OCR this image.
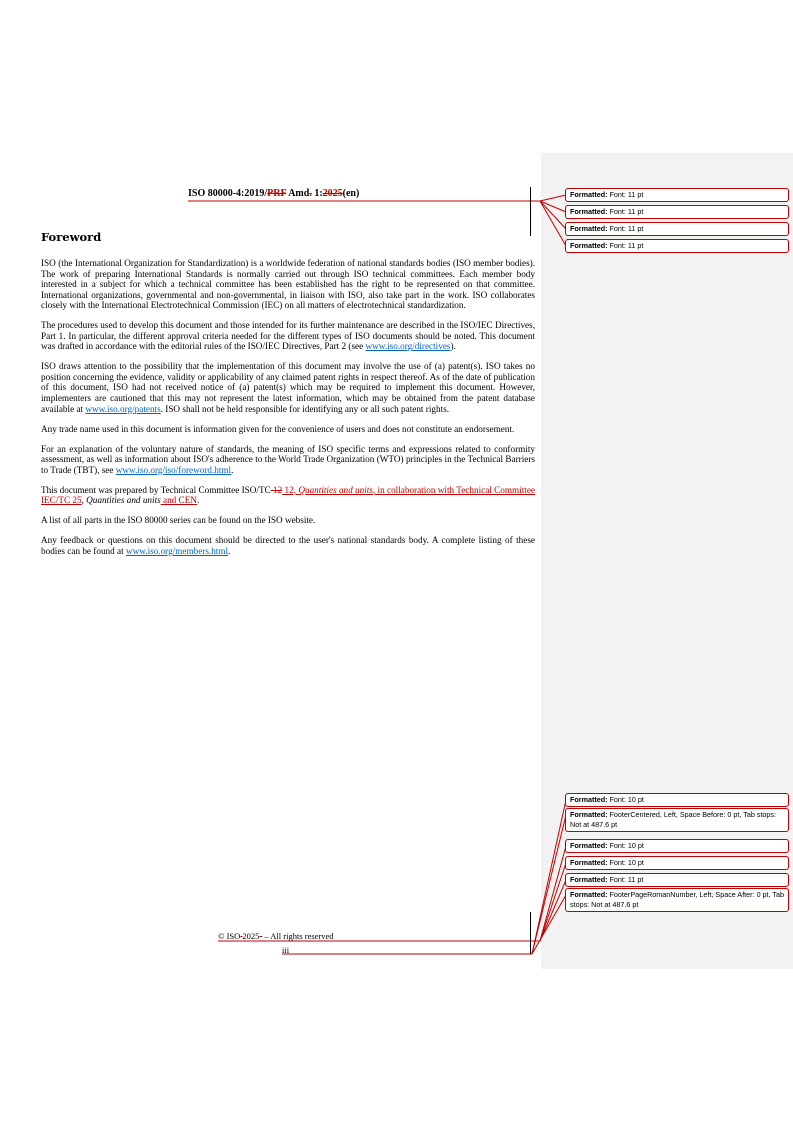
ISO 80000-4:2019/PRF Amd. 1:2025(en)
Foreword

ISO (the International Organization for Standardization) is a worldwide federation of national standards bodies (ISO member bodies). The work of preparing International Standards is normally carried out through ISO technical committees. Each member body interested in a subject for which a technical committee has been established has the right to be represented on that committee. International organizations, governmental and non-governmental, in liaison with ISO, also take part in the work. ISO collaborates closely with the International Electrotechnical Commission (IEC) on all matters of electrotechnical standardization.

The procedures used to develop this document and those intended for its further maintenance are described in the ISO/IEC Directives, Part 1. In particular, the different approval criteria needed for the different types of ISO documents should be noted. This document was drafted in accordance with the editorial rules of the ISO/IEC Directives, Part 2 (see www.iso.org/directives).

ISO draws attention to the possibility that the implementation of this document may involve the use of (a) patent(s). ISO takes no position concerning the evidence, validity or applicability of any claimed patent rights in respect thereof. As of the date of publication of this document, ISO had not received notice of (a) patent(s) which may be required to implement this document. However, implementers are cautioned that this may not represent the latest information, which may be obtained from the patent database available at www.iso.org/patents. ISO shall not be held responsible for identifying any or all such patent rights.

Any trade name used in this document is information given for the convenience of users and does not constitute an endorsement.

For an explanation of the voluntary nature of standards, the meaning of ISO specific terms and expressions related to conformity assessment, as well as information about ISO's adherence to the World Trade Organization (WTO) principles in the Technical Barriers to Trade (TBT), see www.iso.org/iso/foreword.html.

This document was prepared by Technical Committee ISO/TC 12 12, Quantities and units, in collaboration with Technical Committee IEC/TC 25, Quantities and units and CEN.

A list of all parts in the ISO 80000 series can be found on the ISO website.

Any feedback or questions on this document should be directed to the user's national standards body. A complete listing of these bodies can be found at www.iso.org/members.html.

Formatted: Font: 11 pt
Formatted: Font: 11 pt
Formatted: Font: 11 pt
Formatted: Font: 11 pt
Formatted: Font: 10 pt
Formatted: FooterCentered, Left, Space Before: 0 pt, Tab stops: Not at 487.6 pt
Formatted: Font: 10 pt
Formatted: Font: 10 pt
Formatted: Font: 11 pt
Formatted: FooterPageRomanNumber, Left, Space After: 0 pt, Tab stops: Not at 487.6 pt
© ISO 2025- – All rights reserved
iii
